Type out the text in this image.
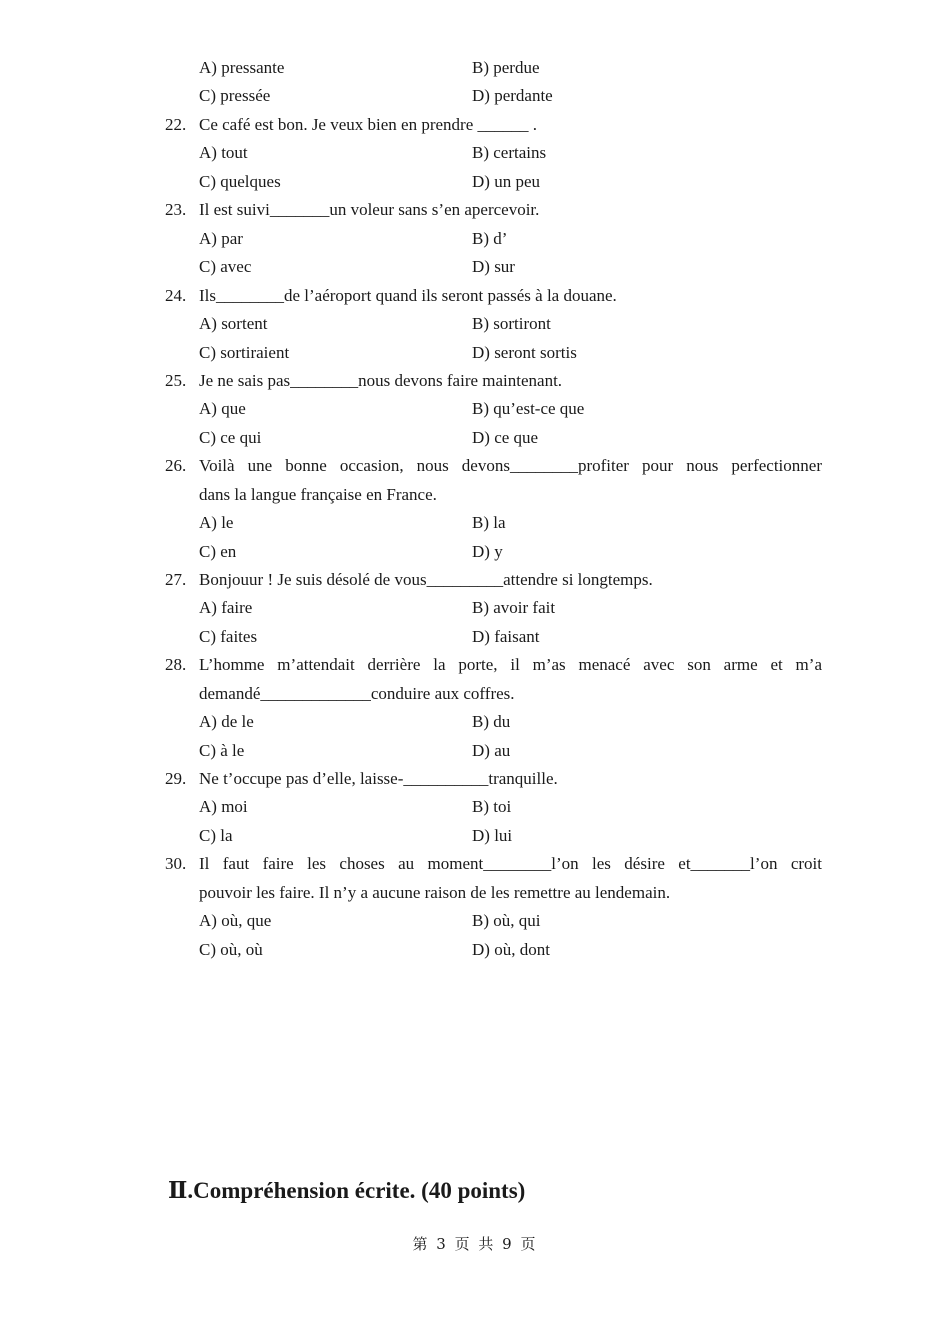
A) pressante	B) perdue
C) pressée	D) perdante
22. Ce café est bon. Je veux bien en prendre ______ .
A) tout	B) certains
C) quelques	D) un peu
23. Il est suivi_______un voleur sans s’en apercevoir.
A) par	B) d’
C) avec	D) sur
24. Ils________de l’aéroport quand ils seront passés à la douane.
A) sortent	B) sortiront
C) sortiraient	D) seront sortis
25. Je ne sais pas________nous devons faire maintenant.
A) que	B) qu’est-ce que
C) ce qui	D) ce que
26. Voilà une bonne occasion, nous devons________profiter pour nous perfectionner
dans la langue française en France.
A) le	B) la
C) en	D) y
27. Bonjouur ! Je suis désolé de vous_________attendre si longtemps.
A) faire	B) avoir fait
C) faites	D) faisant
28. L’homme m’attendait derrière la porte, il m’as menacé avec son arme et m’a
demandé_____________conduire aux coffres.
A) de le	B) du
C) à le	D) au
29. Ne t’occupe pas d’elle, laisse-__________tranquille.
A) moi	B) toi
C) la	D) lui
30. Il faut faire les choses au moment________l’on les désire et_______l’on croit
pouvoir les faire. Il n’y a aucune raison de les remettre au lendemain.
A) où, que	B) où, qui
C) où, où	D) où, dont
Ⅱ.Compréhension écrite. (40 points)
第 3 页 共 9 页
